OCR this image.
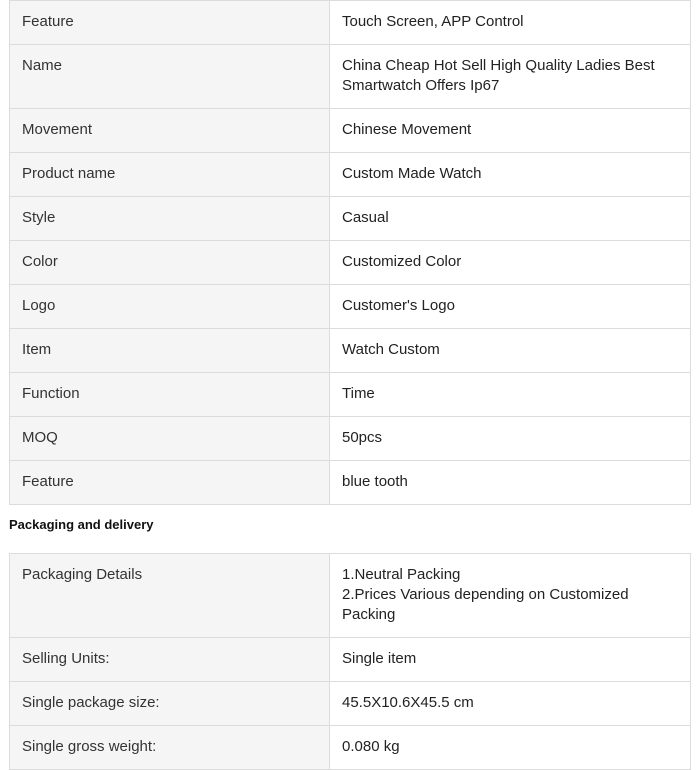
Feature	Touch Screen, APP Control
Name	China Cheap Hot Sell High Quality Ladies Best
Smartwatch Offers Ip67
Movement	Chinese Movement
Product name	Custom Made Watch
Style	Casual
Color	Customized Color
Logo	Customer's Logo
Item	Watch Custom
Function	Time
MOQ	50pcs
Feature	blue tooth
Packaging and delivery
Packaging Details	1.Neutral Packing
2.Prices Various depending on Customized Packing
Selling Units:	Single item
Single package size:	45.5X10.6X45.5 cm
Single gross weight:	0.080 kg
